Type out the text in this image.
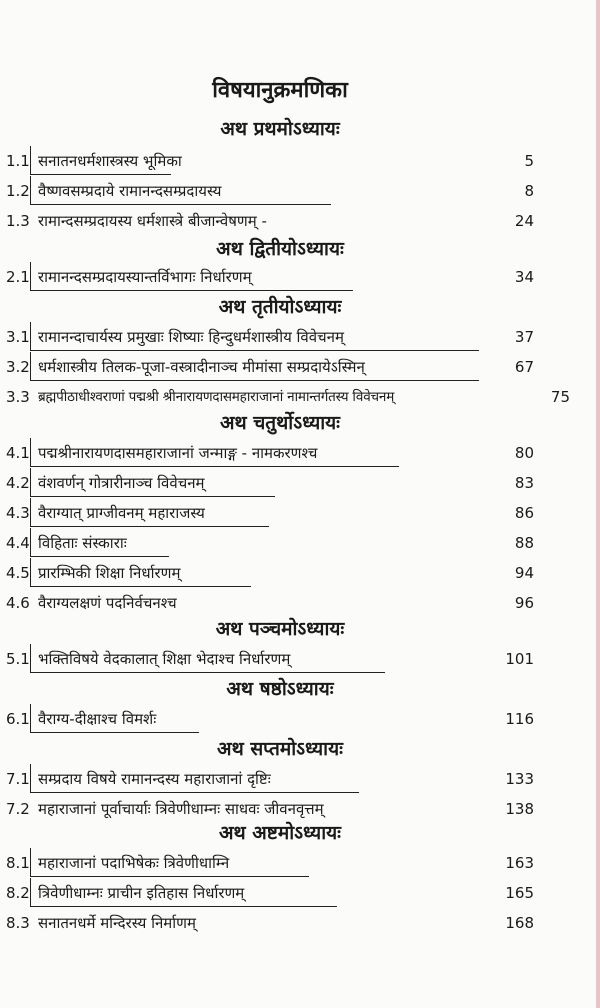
विषयानुक्रमणिका
अथ प्रथमोऽध्यायः
1.1 सनातनधर्मशास्त्रस्य भूमिका	5
1.2 वैष्णवसम्प्रदाये रामानन्दसम्प्रदायस्य	8
1.3 रामान्दसम्प्रदायस्य धर्मशास्त्रे बीजान्वेषणम् -	24
अथ द्वितीयोऽध्यायः
2.1 रामानन्दसम्प्रदायस्यान्तर्विभागः निर्धारणम्	34
अथ तृतीयोऽध्यायः
3.1 रामानन्दाचार्यस्य प्रमुखाः शिष्याः हिन्दुधर्मशास्त्रीय विवेचनम्	37
3.2 धर्मशास्त्रीय तिलक-पूजा-वस्त्रादीनाञ्च मीमांसा सम्प्रदायेऽस्मिन्	67
3.3 ब्रह्मपीठाधीश्वराणां पद्मश्री श्रीनारायणदासमहाराजानां नामान्तर्गतस्य विवेचनम्	75
अथ चतुर्थोऽध्यायः
4.1 पद्मश्रीनारायणदासमहाराजानां जन्माङ्ग - नामकरणश्च	80
4.2 वंशवर्णन् गोत्रारीनाञ्च विवेचनम्	83
4.3 वैराग्यात् प्राग्जीवनम् महाराजस्य	86
4.4 विहिताः संस्काराः	88
4.5 प्रारम्भिकी शिक्षा निर्धारणम्	94
4.6 वैराग्यलक्षणं पदनिर्वचनश्च	96
अथ पञ्चमोऽध्यायः
5.1 भक्तिविषये वेदकालात् शिक्षा भेदाश्च निर्धारणम्	101
अथ षष्ठोऽध्यायः
6.1 वैराग्य-दीक्षाश्च विमर्शः	116
अथ सप्तमोऽध्यायः
7.1 सम्प्रदाय विषये रामानन्दस्य महाराजानां दृष्टिः	133
7.2 महाराजानां पूर्वाचार्याः त्रिवेणीधाम्नः साधवः जीवनवृत्तम्	138
अथ अष्टमोऽध्यायः
8.1 महाराजानां पदाभिषेकः त्रिवेणीधाम्नि	163
8.2 त्रिवेणीधाम्नः प्राचीन इतिहास निर्धारणम्	165
8.3 सनातनधर्मे मन्दिरस्य निर्माणम्	168
